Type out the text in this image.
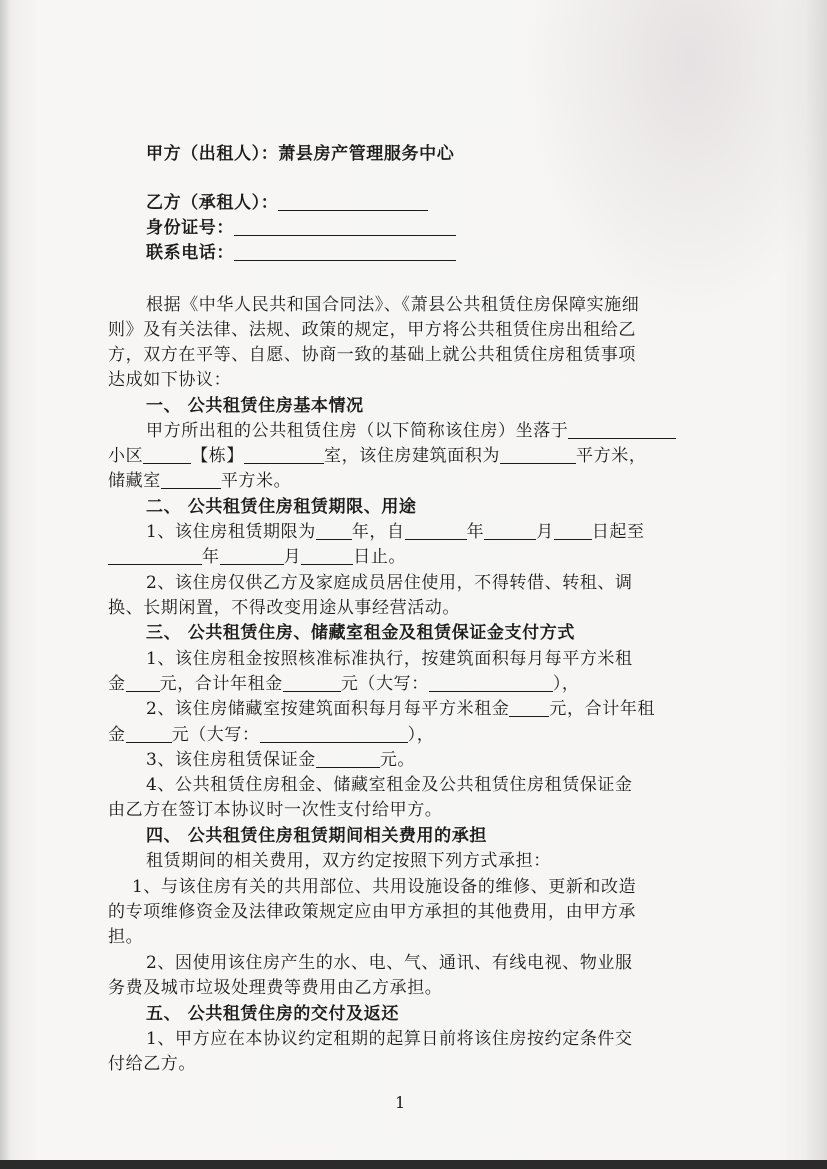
甲方（出租人）：萧县房产管理服务中心
乙方（承租人）：
身份证号：
联系电话：
根据《中华人民共和国合同法》、《萧县公共租赁住房保障实施细
则》及有关法律、法规、政策的规定，甲方将公共租赁住房出租给乙
方，双方在平等、自愿、协商一致的基础上就公共租赁住房租赁事项
达成如下协议：
一、 公共租赁住房基本情况
甲方所出租的公共租赁住房（以下简称该住房）坐落于
小区	【栋】	室，该住房建筑面积为	平方米，
储藏室	平方米。
二、 公共租赁住房租赁期限、用途
1、该住房租赁期限为 年，自	年	月 日起至
年	月	日止。
2、该住房仅供乙方及家庭成员居住使用，不得转借、转租、调
换、长期闲置，不得改变用途从事经营活动。
三、 公共租赁住房、储藏室租金及租赁保证金支付方式
1、该住房租金按照核准标准执行，按建筑面积每月每平方米租
金 元，合计年租金	元（大写：	），
2、该住房储藏室按建筑面积每月每平方米租金 元，合计年租
金	元（大写：	），
3、该住房租赁保证金	元。
4、公共租赁住房租金、储藏室租金及公共租赁住房租赁保证金
由乙方在签订本协议时一次性支付给甲方。
四、 公共租赁住房租赁期间相关费用的承担
租赁期间的相关费用，双方约定按照下列方式承担：
1、与该住房有关的共用部位、共用设施设备的维修、更新和改造
的专项维修资金及法律政策规定应由甲方承担的其他费用，由甲方承
担。
2、因使用该住房产生的水、电、气、通讯、有线电视、物业服
务费及城市垃圾处理费等费用由乙方承担。
五、 公共租赁住房的交付及返还
1、甲方应在本协议约定租期的起算日前将该住房按约定条件交
付给乙方。
1
